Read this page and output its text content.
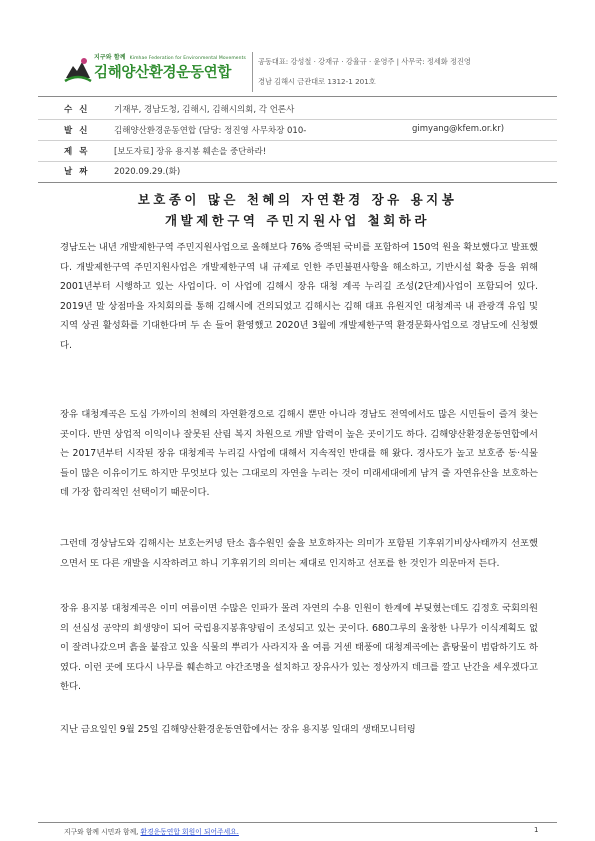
지구와 함께 Kimhae Federation for Environmental Movements
김해양산환경운동연합
공동대표: 강성철 · 강재규 · 강율규 · 윤영주 | 사무국: 정세화 정진영
경남 김해시 금관대로 1312-1 201호
수신	기재부, 경남도청, 김해시, 김해시의회, 각 언론사
발신	김해양산환경운동연합 (담당: 정진영 사무차장 010-	gimyang@kfem.or.kr)
제목	[보도자료] 장유 용지봉 훼손을 중단하라!
날짜	2020.09.29.(화)
보호종이 많은 천혜의 자연환경 장유 용지봉
개발제한구역 주민지원사업 철회하라

경남도는 내년 개발제한구역 주민지원사업으로 올해보다 76% 증액된 국비를 포함하여 150억 원을 확보했다고 발표했다. 개발제한구역 주민지원사업은 개발제한구역 내 규제로 인한 주민불편사항을 해소하고, 기반시설 확충 등을 위해 2001년부터 시행하고 있는 사업이다. 이 사업에 김해시 장유 대청 계곡 누리길 조성(2단계)사업이 포함되어 있다. 2019년 말 상점마을 자치회의를 통해 김해시에 건의되었고 김해시는 김해 대표 유원지인 대청계곡 내 관광객 유입 및 지역 상권 활성화를 기대한다며 두 손 들어 환영했고 2020년 3월에 개발제한구역 환경문화사업으로 경남도에 신청했다.

장유 대청계곡은 도심 가까이의 천혜의 자연환경으로 김해시 뿐만 아니라 경남도 전역에서도 많은 시민들이 즐겨 찾는 곳이다. 반면 상업적 이익이나 잘못된 산림 복지 차원으로 개발 압력이 높은 곳이기도 하다. 김해양산환경운동연합에서는 2017년부터 시작된 장유 대청계곡 누리길 사업에 대해서 지속적인 반대를 해 왔다. 경사도가 높고 보호종 동·식물들이 많은 이유이기도 하지만 무엇보다 있는 그대로의 자연을 누리는 것이 미래세대에게 남겨 줄 자연유산을 보호하는데 가장 합리적인 선택이기 때문이다.

그런데 경상남도와 김해시는 보호는커녕 탄소 흡수원인 숲을 보호하자는 의미가 포함된 기후위기비상사태까지 선포했으면서 또 다른 개발을 시작하려고 하니 기후위기의 의미는 제대로 인지하고 선포를 한 것인가 의문마저 든다.

장유 용지봉 대청계곡은 이미 여름이면 수많은 인파가 몰려 자연의 수용 인원이 한계에 부딪혔는데도 김정호 국회의원의 선심성 공약의 희생양이 되어 국립용지봉휴양림이 조성되고 있는 곳이다. 680그루의 울창한 나무가 이식계획도 없이 잘려나갔으며 흙을 붙잡고 있을 식물의 뿌리가 사라지자 올 여름 거센 태풍에 대청계곡에는 흙탕물이 범람하기도 하였다. 이런 곳에 또다시 나무를 훼손하고 야간조명을 설치하고 장유사가 있는 정상까지 데크를 깔고 난간을 세우겠다고 한다.

지난 금요일인 9월 25일 김해양산환경운동연합에서는 장유 용지봉 일대의 생태모니터링

지구와 함께 시민과 함께, 환경운동연합 회원이 되어주세요.	1
